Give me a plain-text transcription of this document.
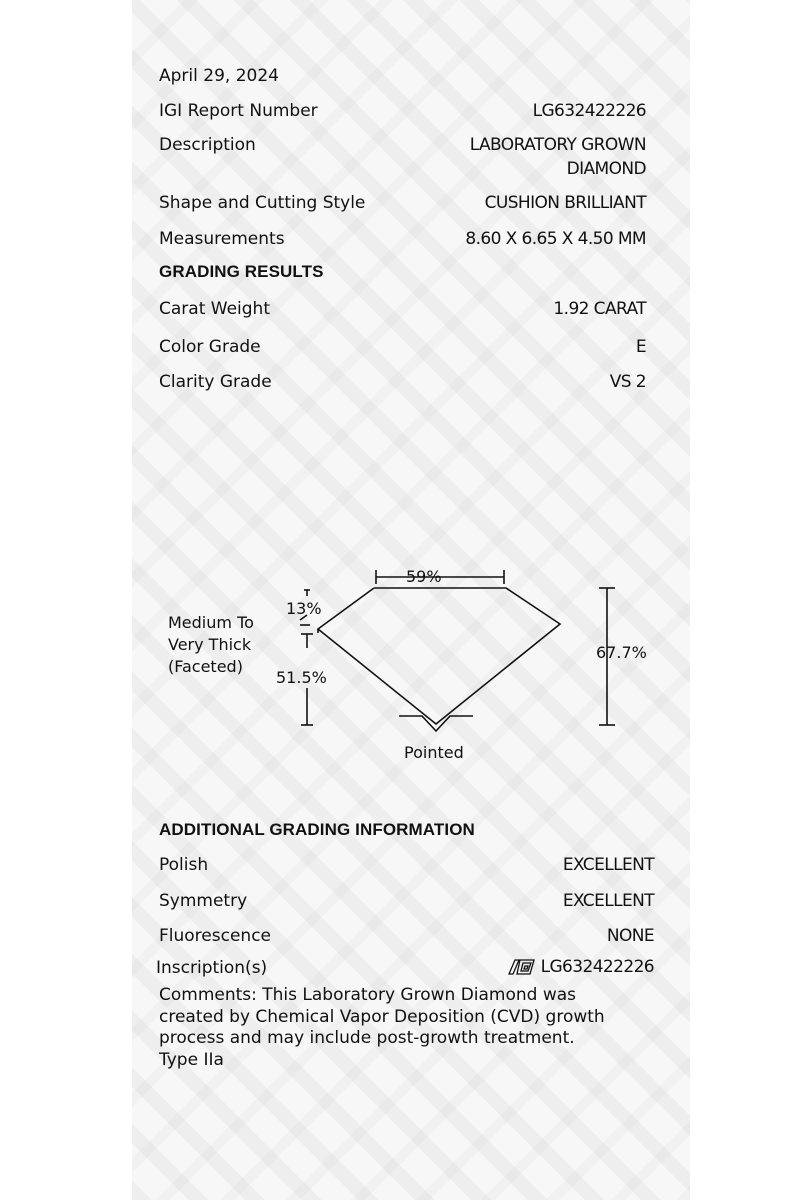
April 29, 2024
IGI Report Number	LG632422226
Description	LABORATORY GROWN
DIAMOND
Shape and Cutting Style	CUSHION BRILLIANT
Measurements	8.60 X 6.65 X 4.50 MM
GRADING RESULTS
Carat Weight	1.92 CARAT
Color Grade	E
Clarity Grade	VS 2
59%
13%
51.5%
67.7%
Medium To
Very Thick
(Faceted)
Pointed
ADDITIONAL GRADING INFORMATION
Polish	EXCELLENT
Symmetry	EXCELLENT
Fluorescence	NONE
Inscription(s)	LG632422226
Comments: This Laboratory Grown Diamond was
created by Chemical Vapor Deposition (CVD) growth
process and may include post-growth treatment.
Type IIa
